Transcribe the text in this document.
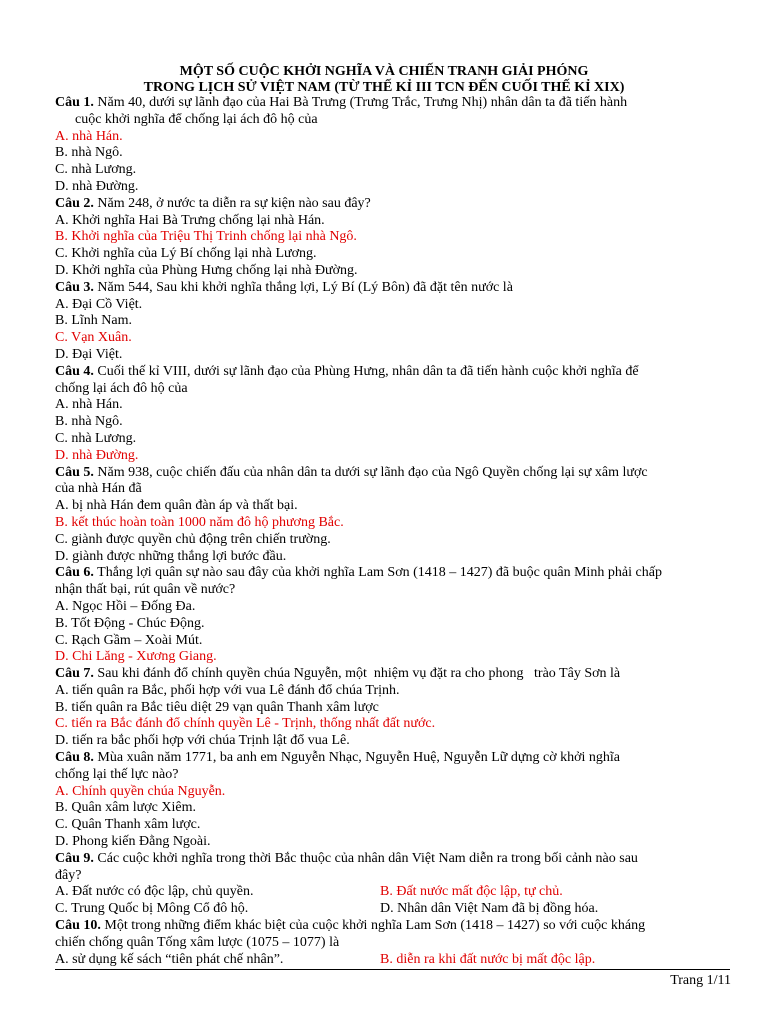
MỘT SỐ CUỘC KHỞI NGHĨA VÀ CHIẾN TRANH GIẢI PHÓNG
TRONG LỊCH SỬ VIỆT NAM (TỪ THẾ KỈ III TCN ĐẾN CUỐI THẾ KỈ XIX)
Câu 1. Năm 40, dưới sự lãnh đạo của Hai Bà Trưng (Trưng Trắc, Trưng Nhị) nhân dân ta đã tiến hành
cuộc khởi nghĩa để chống lại ách đô hộ của
A. nhà Hán.
B. nhà Ngô.
C. nhà Lương.
D. nhà Đường.
Câu 2. Năm 248, ở nước ta diễn ra sự kiện nào sau đây?
A. Khởi nghĩa Hai Bà Trưng chống lại nhà Hán.
B. Khởi nghĩa của Triệu Thị Trinh chống lại nhà Ngô.
C. Khởi nghĩa của Lý Bí chống lại nhà Lương.
D. Khởi nghĩa của Phùng Hưng chống lại nhà Đường.
Câu 3. Năm 544, Sau khi khởi nghĩa thắng lợi, Lý Bí (Lý Bôn) đã đặt tên nước là
A. Đại Cồ Việt.
B. Lĩnh Nam.
C. Vạn Xuân.
D. Đại Việt.
Câu 4. Cuối thế kỉ VIII, dưới sự lãnh đạo của Phùng Hưng, nhân dân ta đã tiến hành cuộc khởi nghĩa để
chống lại ách đô hộ của
A. nhà Hán.
B. nhà Ngô.
C. nhà Lương.
D. nhà Đường.
Câu 5. Năm 938, cuộc chiến đấu của nhân dân ta dưới sự lãnh đạo của Ngô Quyền chống lại sự xâm lược
của nhà Hán đã
A. bị nhà Hán đem quân đàn áp và thất bại.
B. kết thúc hoàn toàn 1000 năm đô hộ phương Bắc.
C. giành được quyền chủ động trên chiến trường.
D. giành được những thắng lợi bước đầu.
Câu 6. Thắng lợi quân sự nào sau đây của khởi nghĩa Lam Sơn (1418 – 1427) đã buộc quân Minh phải chấp
nhận thất bại, rút quân về nước?
A. Ngọc Hồi – Đống Đa.
B. Tốt Động - Chúc Động.
C. Rạch Gầm – Xoài Mút.
D. Chi Lăng - Xương Giang.
Câu 7. Sau khi đánh đổ chính quyền chúa Nguyễn, một  nhiệm vụ đặt ra cho phong   trào Tây Sơn là
A. tiến quân ra Bắc, phối hợp với vua Lê đánh đổ chúa Trịnh.
B. tiến quân ra Bắc tiêu diệt 29 vạn quân Thanh xâm lược
C. tiến ra Bắc đánh đổ chính quyền Lê - Trịnh, thống nhất đất nước.
D. tiến ra bắc phối hợp với chúa Trịnh lật đổ vua Lê.
Câu 8. Mùa xuân năm 1771, ba anh em Nguyễn Nhạc, Nguyễn Huệ, Nguyễn Lữ dựng cờ khởi nghĩa
chống lại thế lực nào?
A. Chính quyền chúa Nguyễn.
B. Quân xâm lược Xiêm.
C. Quân Thanh xâm lược.
D. Phong kiến Đằng Ngoài.
Câu 9. Các cuộc khởi nghĩa trong thời Bắc thuộc của nhân dân Việt Nam diễn ra trong bối cảnh nào sau
đây?
A. Đất nước có độc lập, chủ quyền.	B. Đất nước mất độc lập, tự chủ.
C. Trung Quốc bị Mông Cổ đô hộ.	D. Nhân dân Việt Nam đã bị đồng hóa.
Câu 10. Một trong những điểm khác biệt của cuộc khởi nghĩa Lam Sơn (1418 – 1427) so với cuộc kháng
chiến chống quân Tống xâm lược (1075 – 1077) là
A. sử dụng kế sách “tiên phát chế nhân”.	B. diễn ra khi đất nước bị mất độc lập.
Trang 1/11
